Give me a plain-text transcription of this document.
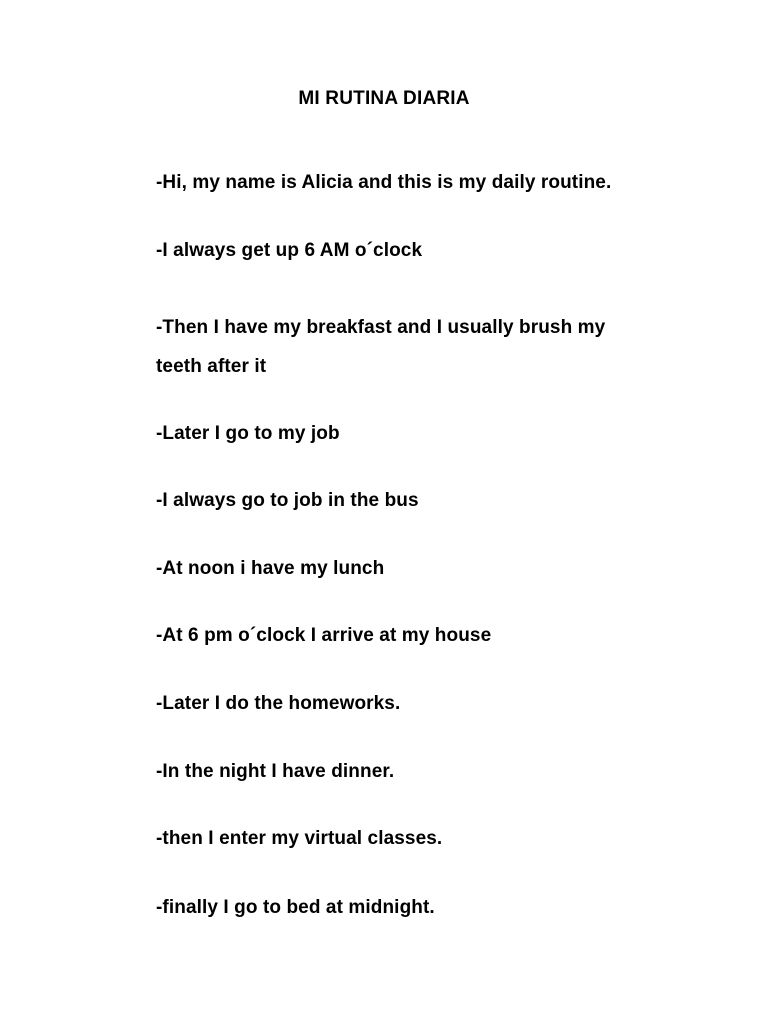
MI RUTINA DIARIA
-Hi, my name is Alicia and this is my daily routine.
-I always get up 6 AM o´clock
-Then I have my breakfast and I usually brush my
teeth after it
-Later I go to my job
-I always go to job in the bus
-At noon i have my lunch
-At 6 pm o´clock I arrive at my house
-Later I do the homeworks.
-In the night I have dinner.
-then I enter my virtual classes.
-finally I go to bed at midnight.
